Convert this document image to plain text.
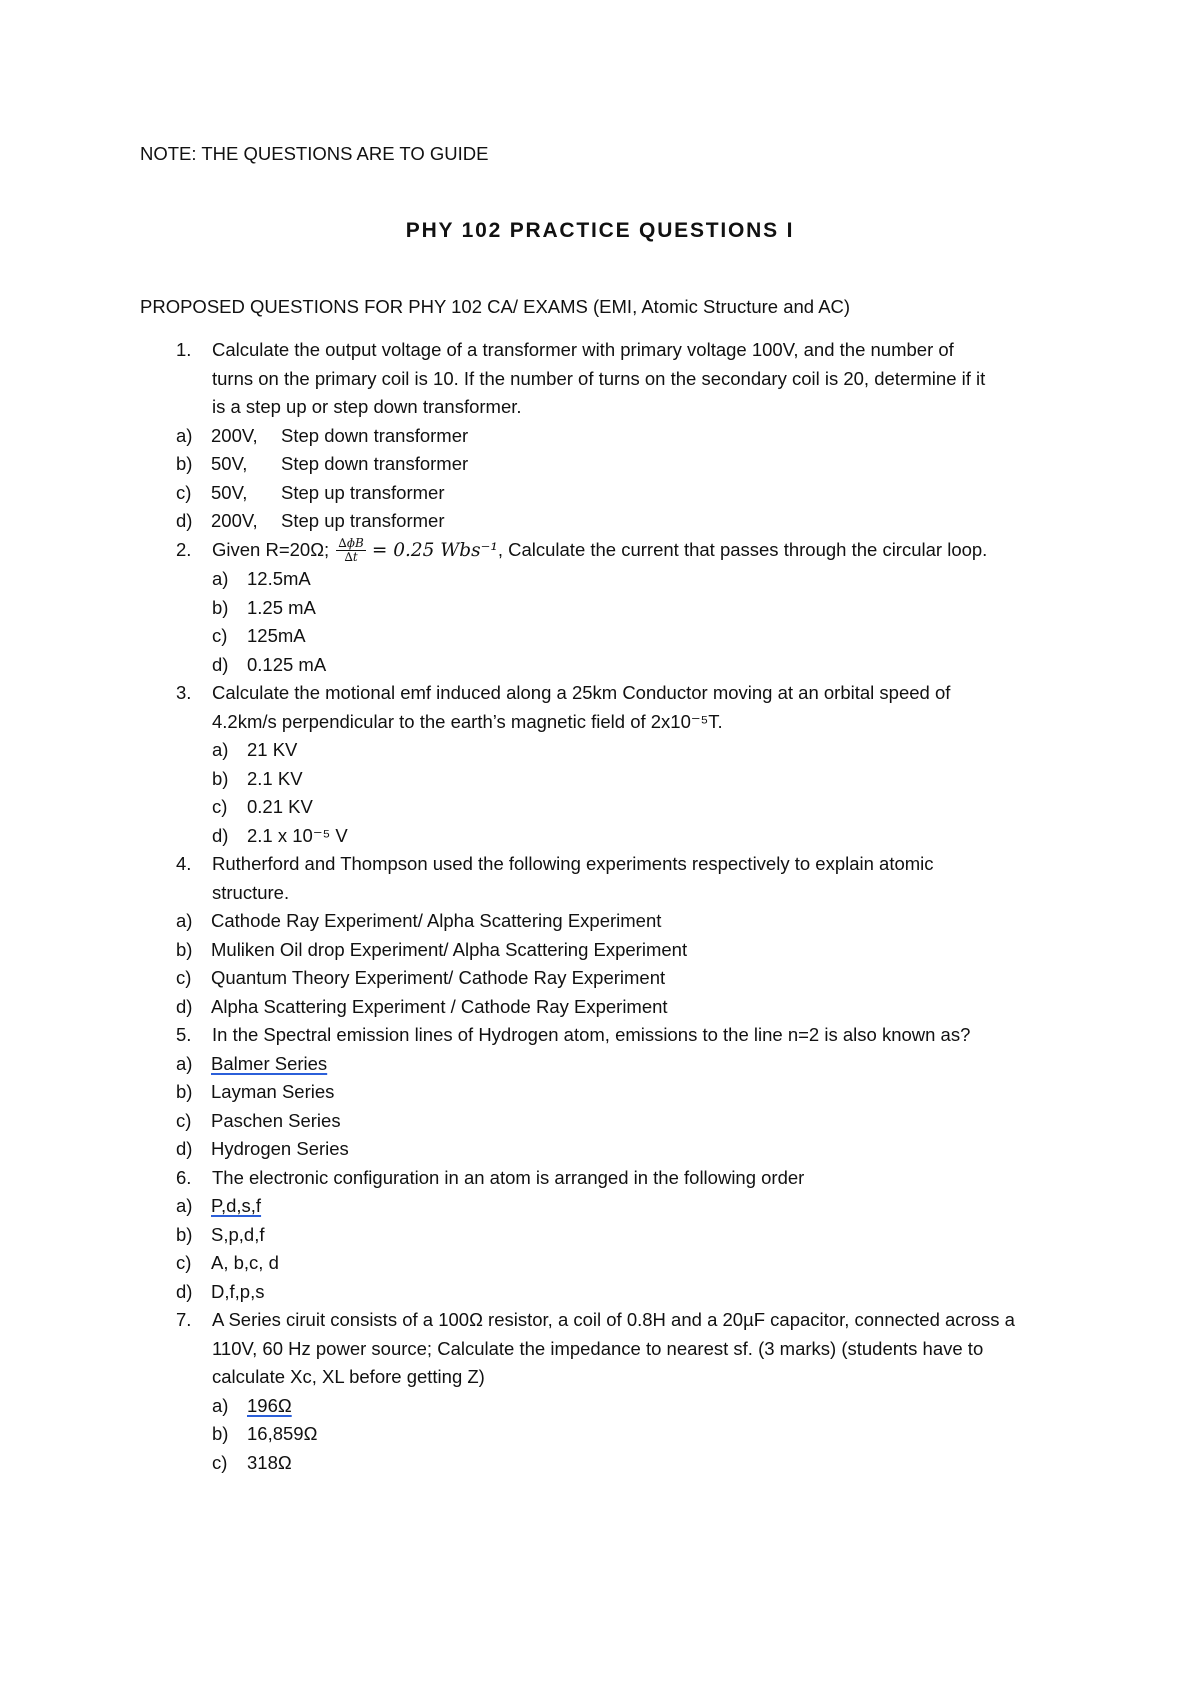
NOTE: THE QUESTIONS ARE TO GUIDE
PHY 102 PRACTICE QUESTIONS I
PROPOSED QUESTIONS FOR PHY 102 CA/ EXAMS (EMI, Atomic Structure and AC)
1.	Calculate the output voltage of a transformer with primary voltage 100V, and the number of
turns on the primary coil is 10. If the number of turns on the secondary coil is 20, determine if it
is a step up or step down transformer.
a)	200V, Step down transformer
b)	50V, Step down transformer
c)	50V, Step up transformer
d)	200V, Step up transformer
2.	Given R=20Ω; $\frac{\text{∆ɸB}}{\Delta t} = 0.25$ Wbs⁻¹, Calculate the current that passes through the circular loop.
a)	12.5mA
b)	1.25 mA
c)	125mA
d)	0.125 mA
3.	Calculate the motional emf induced along a 25km Conductor moving at an orbital speed of
4.2km/s perpendicular to the earth’s magnetic field of 2x10⁻⁵T.
a)	21 KV
b)	2.1 KV
c)	0.21 KV
d)	2.1 x 10⁻⁵ V
4.	Rutherford and Thompson used the following experiments respectively to explain atomic
structure.
a)	Cathode Ray Experiment/ Alpha Scattering Experiment
b)	Muliken Oil drop Experiment/ Alpha Scattering Experiment
c)	Quantum Theory Experiment/ Cathode Ray Experiment
d)	Alpha Scattering Experiment / Cathode Ray Experiment
5.	In the Spectral emission lines of Hydrogen atom, emissions to the line n=2 is also known as?
a)	Balmer Series
b)	Layman Series
c)	Paschen Series
d)	Hydrogen Series
6.	The electronic configuration in an atom is arranged in the following order
a)	P,d,s,f
b)	S,p,d,f
c)	A, b,c, d
d)	D,f,p,s
7.	A Series ciruit consists of a 100Ω resistor, a coil of 0.8H and a 20µF capacitor, connected across a
110V, 60 Hz power source; Calculate the impedance to nearest sf. (3 marks) (students have to
calculate Xc, XL before getting Z)
a)	196Ω
b)	16,859Ω
c)	318Ω
